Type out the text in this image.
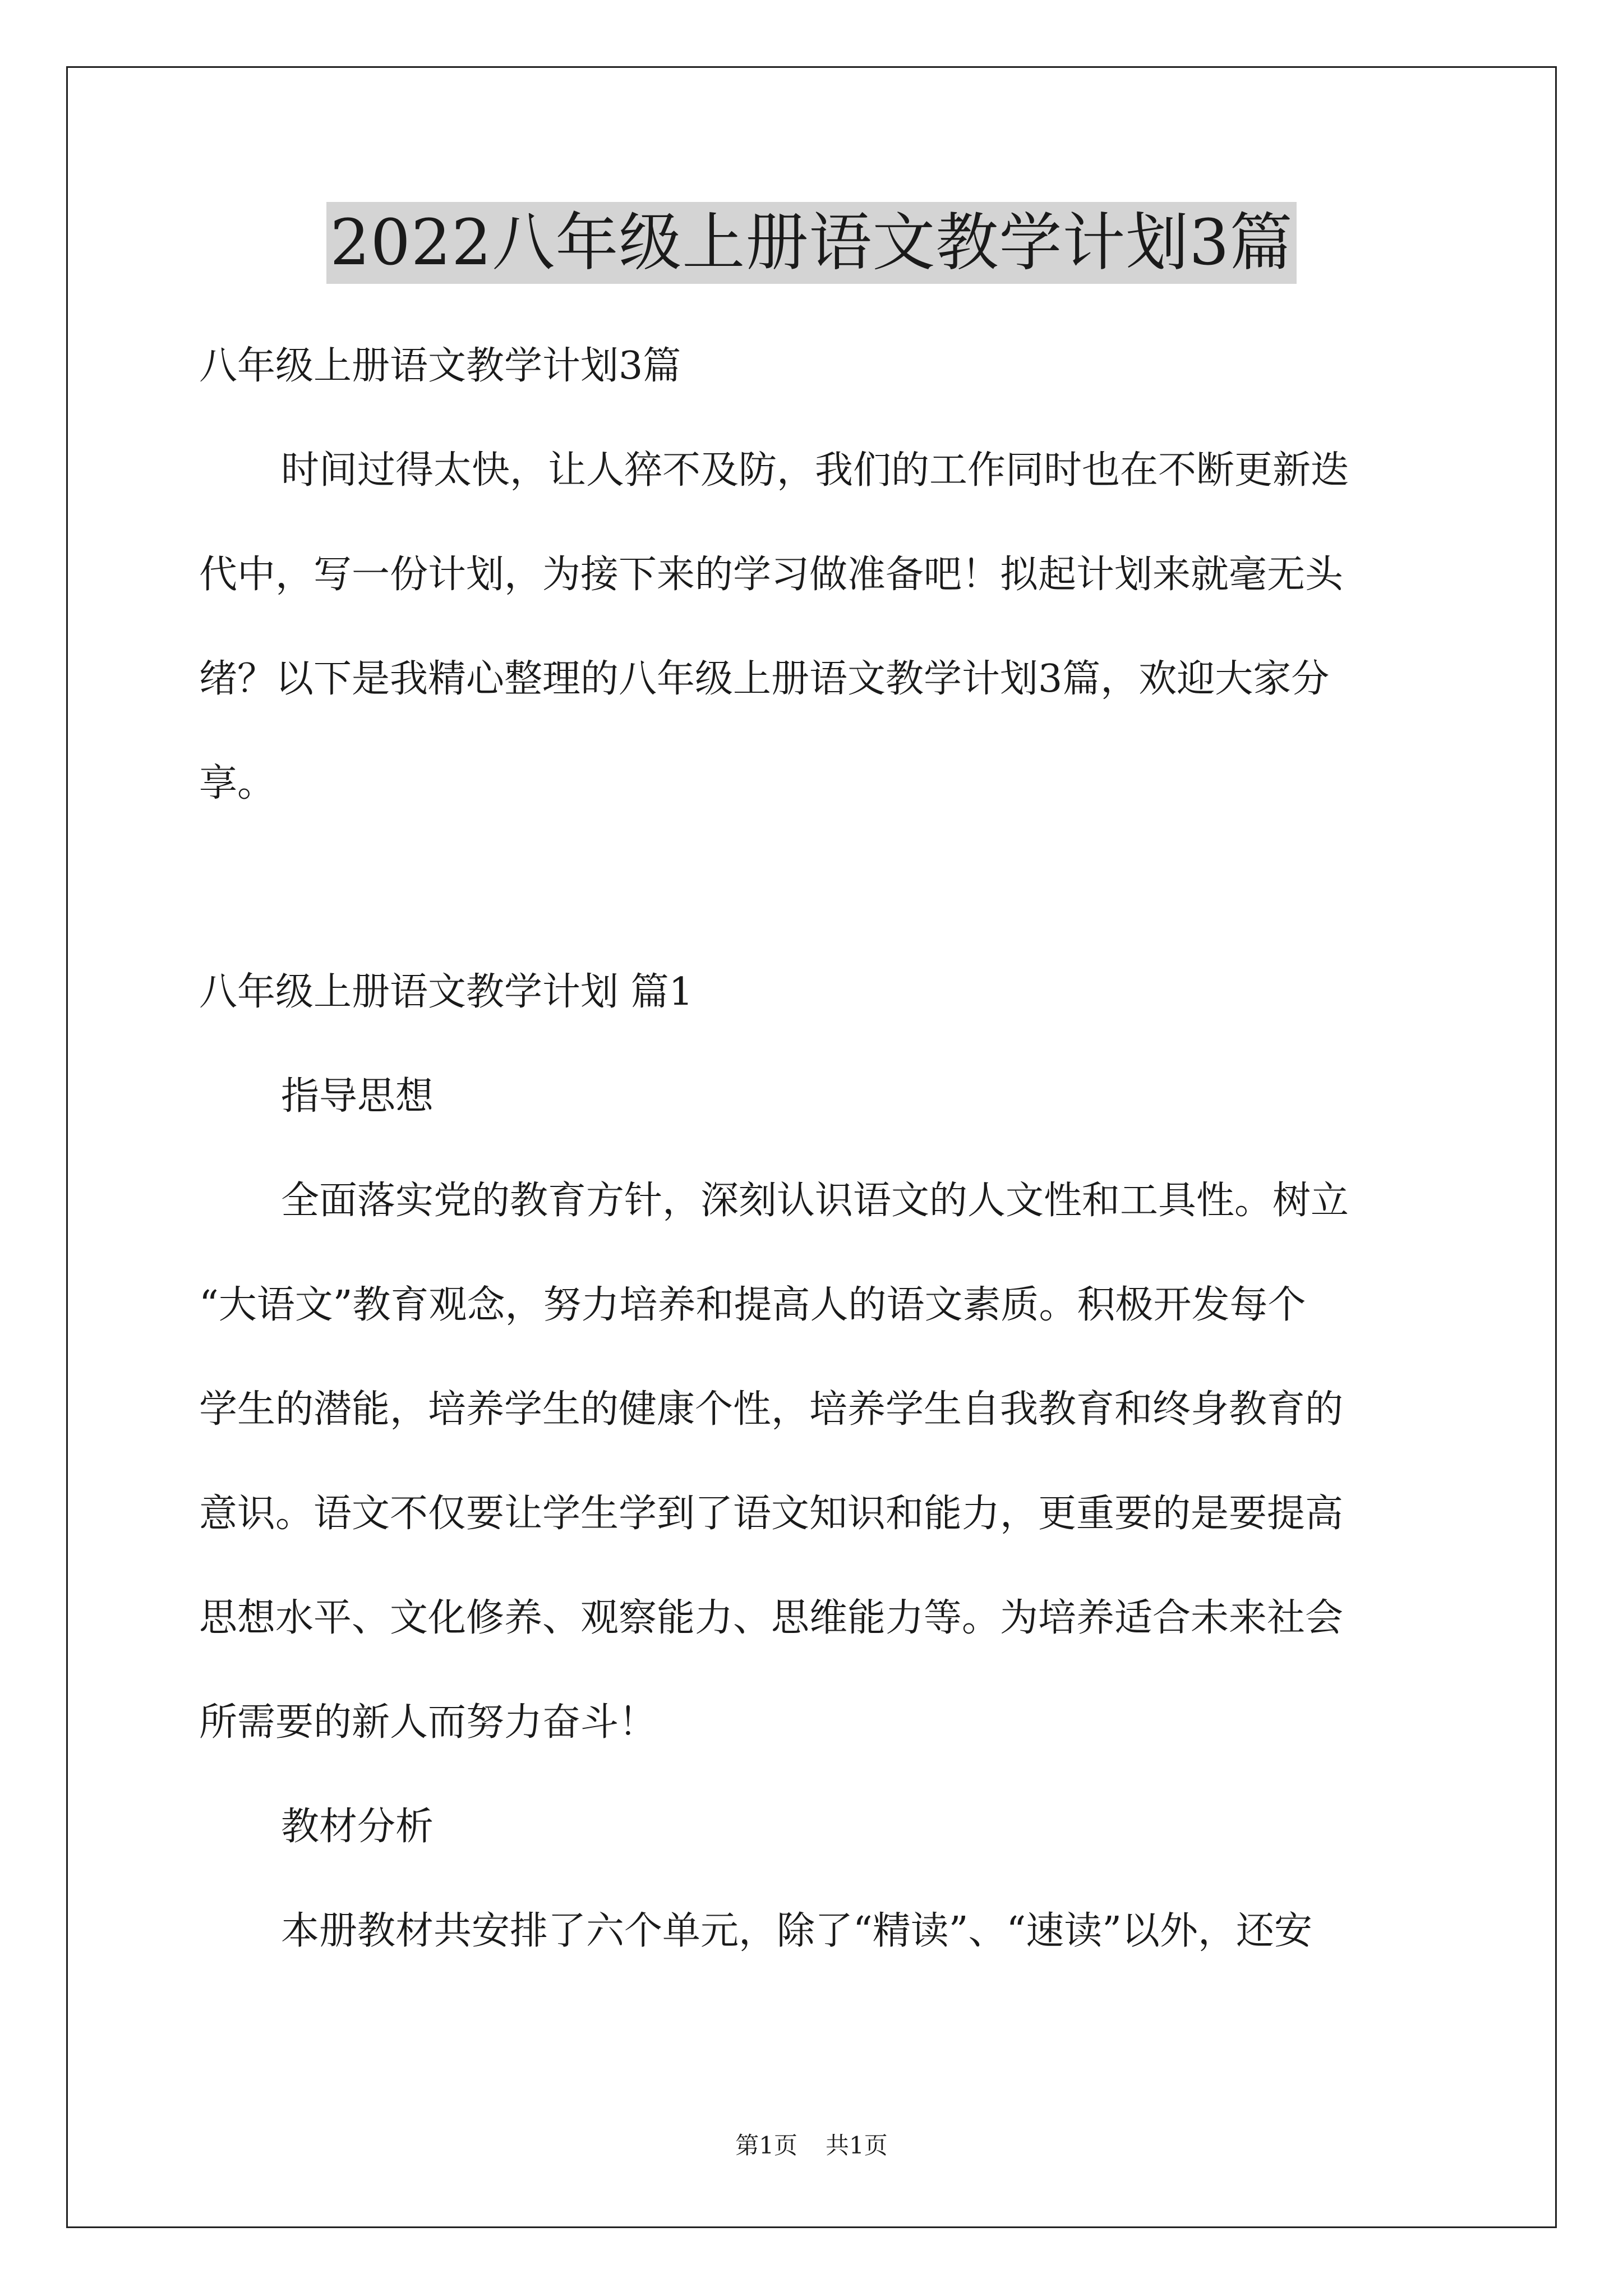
2022八年级上册语文教学计划3篇

八年级上册语文教学计划3篇

时间过得太快，让人猝不及防，我们的工作同时也在不断更新迭

代中，写一份计划，为接下来的学习做准备吧！拟起计划来就毫无头

绪？以下是我精心整理的八年级上册语文教学计划3篇，欢迎大家分

享。

八年级上册语文教学计划 篇1

指导思想

全面落实党的教育方针，深刻认识语文的人文性和工具性。树立

“大语文”教育观念，努力培养和提高人的语文素质。积极开发每个

学生的潜能，培养学生的健康个性，培养学生自我教育和终身教育的

意识。语文不仅要让学生学到了语文知识和能力，更重要的是要提高

思想水平、文化修养、观察能力、思维能力等。为培养适合未来社会

所需要的新人而努力奋斗！

教材分析

本册教材共安排了六个单元，除了“精读”、“速读”以外，还安

第1页 共1页
